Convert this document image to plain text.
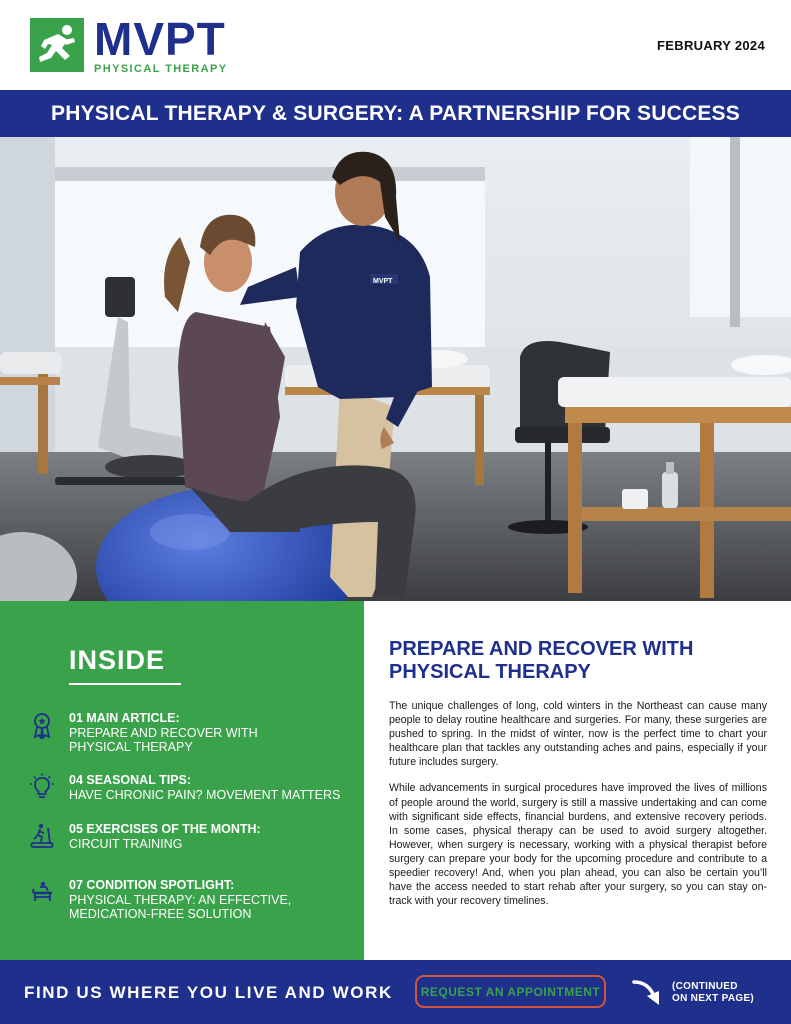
MVPT
PHYSICAL THERAPY
FEBRUARY 2024
PHYSICAL THERAPY & SURGERY: A PARTNERSHIP FOR SUCCESS
MVPT
INSIDE
01 MAIN ARTICLE:
PREPARE AND RECOVER WITH PHYSICAL THERAPY
04 SEASONAL TIPS:
HAVE CHRONIC PAIN? MOVEMENT MATTERS
05 EXERCISES OF THE MONTH:
CIRCUIT TRAINING
07 CONDITION SPOTLIGHT:
PHYSICAL THERAPY: AN EFFECTIVE, MEDICATION-FREE SOLUTION
PREPARE AND RECOVER WITH PHYSICAL THERAPY

The unique challenges of long, cold winters in the Northeast can cause many people to delay routine healthcare and surgeries. For many, these surgeries are pushed to spring. In the midst of winter, now is the perfect time to chart your healthcare plan that tackles any outstanding aches and pains, especially if your future includes surgery.

While advancements in surgical procedures have improved the lives of millions of people around the world, surgery is still a massive undertaking and can come with significant side effects, financial burdens, and extensive recovery periods. In some cases, physical therapy can be used to avoid surgery altogether. However, when surgery is necessary, working with a physical therapist before surgery can prepare your body for the upcoming procedure and contribute to a speedier recovery! And, when you plan ahead, you can also be certain you’ll have the access needed to start rehab after your surgery, so you can stay on-track with your recovery timelines.

FIND US WHERE YOU LIVE AND WORK	REQUEST AN APPOINTMENT	(CONTINUED
ON NEXT PAGE)
